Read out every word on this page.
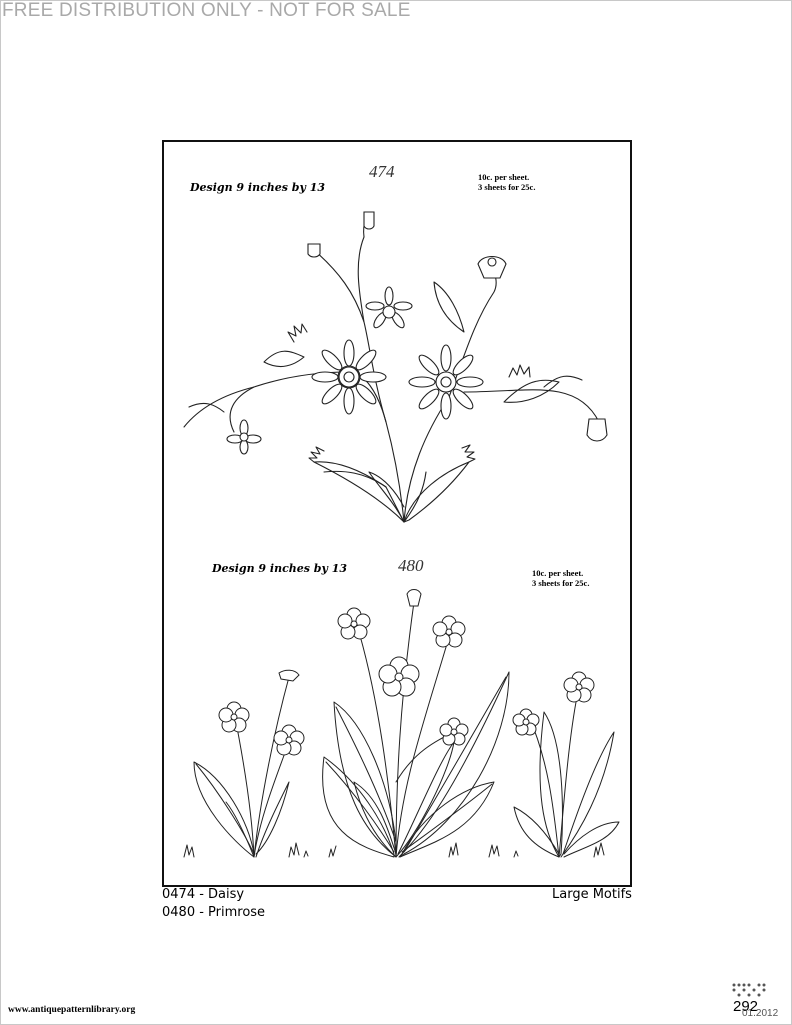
FREE DISTRIBUTION ONLY - NOT FOR SALE
Design 9 inches by 13
474	10c. per sheet.
3 sheets for 25c.
Design 9 inches by 13	480	10c. per sheet.
3 sheets for 25c.
0474 - Daisy
0480 - Primrose
Large Motifs
www.antiquepatternlibrary.org	292
01.2012
